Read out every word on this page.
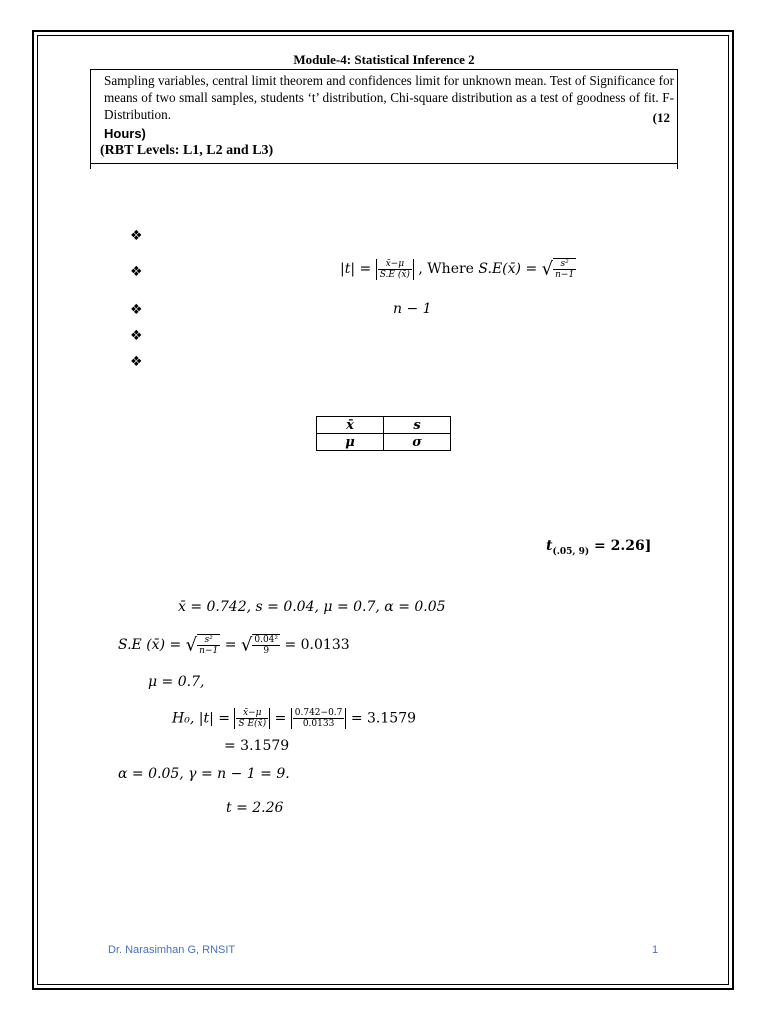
Module-4: Statistical Inference 2
Sampling variables, central limit theorem and confidences limit for unknown mean. Test of Significance for means of two small samples, students ‘t’ distribution, Chi-square distribution as a test of goodness of fit. F-Distribution.	(12
Hours)
(RBT Levels: L1, L2 and L3)
❖
❖
❖
❖
❖
$|t| = \frac{x̄-\mu}{S.E (x̄)}$ , Where S.E(x̄) = √ $\frac{\text{s²}}{n-1}$
n − 1
x̄	s
μ	σ
$t_{(.05, 9)} = 2.26$]
x̄ = 0.742, s = 0.04, μ = 0.7, α = 0.05
S.E (x̄) = √ $\frac{\text{s²}}{n-1}$ = √ $\frac{\text{0.04²}}{9} = 0.0133$
μ = 0.7,
H₀, $|t| = \frac{x̄-\mu}{\text{S E(x̄)}} = \frac{0.742-0.7}{0.0133} = 3.1579$
= 3.1579
α = 0.05, γ = n − 1 = 9.
t = 2.26
Dr. Narasimhan G, RNSIT	1
